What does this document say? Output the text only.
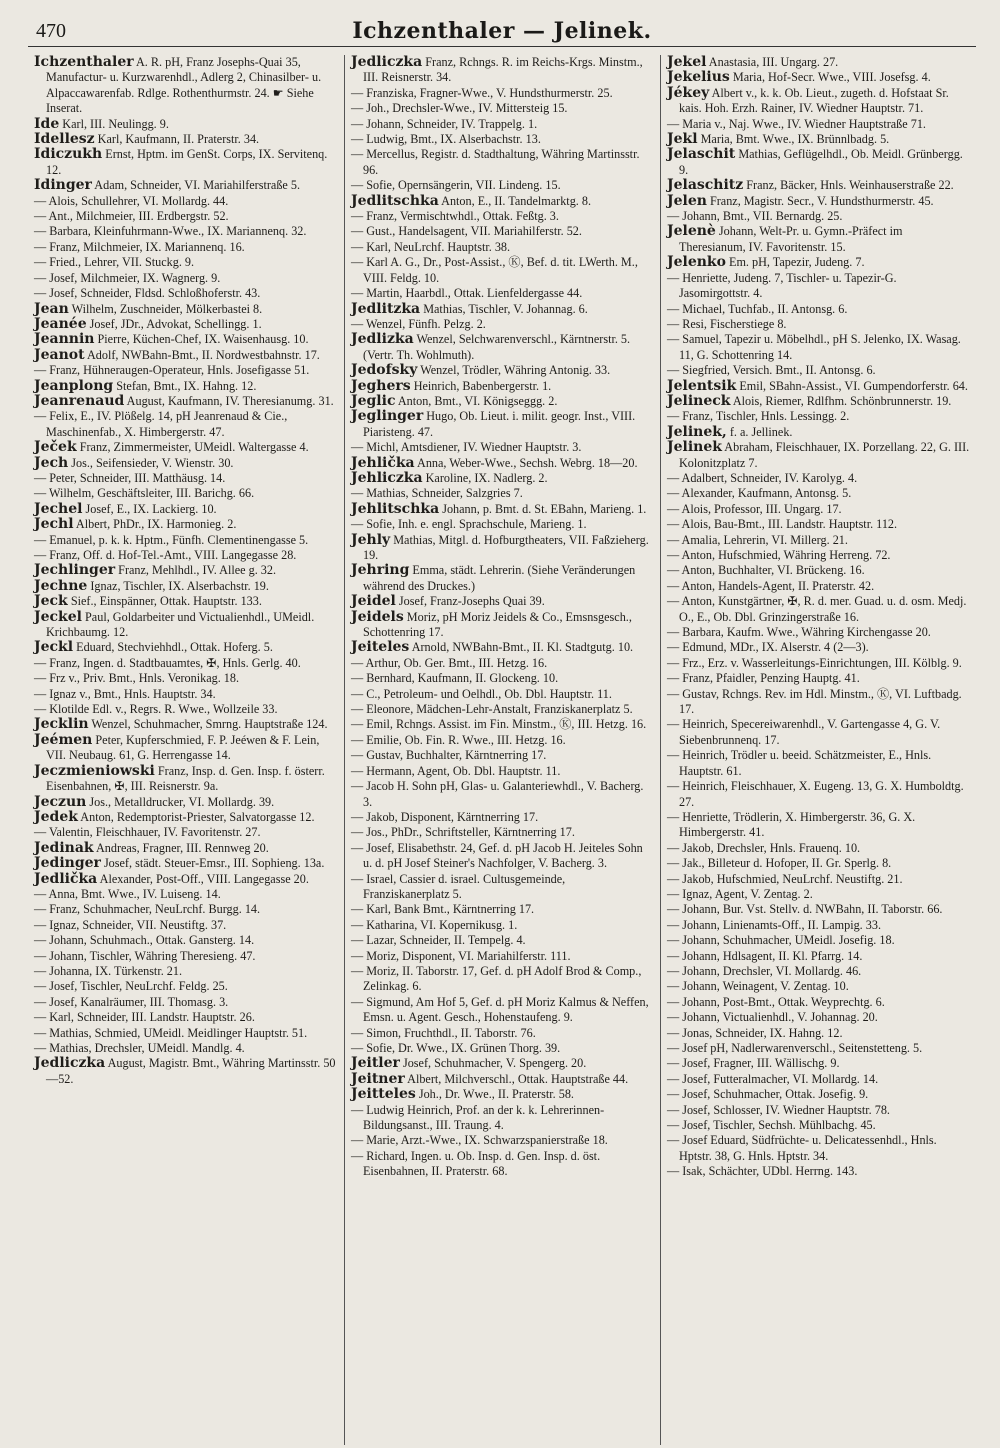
470	Ichzenthaler — Jelinek.

Ichzenthaler A. R. pH, Franz Josephs-Quai 35, Manufactur- u. Kurzwarenhdl., Adlerg 2, Chinasilber- u. Alpaccawarenfab. Rdlge. Rothenthurmstr. 24. ☛ Siehe Inserat.

Ide Karl, III. Neulingg. 9.

Idellesz Karl, Kaufmann, II. Praterstr. 34.

Idiczukh Ernst, Hptm. im GenSt. Corps, IX. Servitenq. 12.

Idinger Adam, Schneider, VI. Mariahilferstraße 5.

— Alois, Schullehrer, VI. Mollardg. 44.

— Ant., Milchmeier, III. Erdbergstr. 52.

— Barbara, Kleinfuhrmann-Wwe., IX. Mariannenq. 32.

— Franz, Milchmeier, IX. Mariannenq. 16.

— Fried., Lehrer, VII. Stuckg. 9.

— Josef, Milchmeier, IX. Wagnerg. 9.

— Josef, Schneider, Fldsd. Schloßhoferstr. 43.

Jean Wilhelm, Zuschneider, Mölkerbastei 8.

Jeanée Josef, JDr., Advokat, Schellingg. 1.

Jeannin Pierre, Küchen-Chef, IX. Waisenhausg. 10.

Jeanot Adolf, NWBahn-Bmt., II. Nordwestbahnstr. 17.

— Franz, Hühneraugen-Operateur, Hnls. Josefigasse 51.

Jeanplong Stefan, Bmt., IX. Hahng. 12.

Jeanrenaud August, Kaufmann, IV. Theresianumg. 31.

— Felix, E., IV. Plößelg. 14, pH Jeanrenaud & Cie., Maschinenfab., X. Himbergerstr. 47.

Ječek Franz, Zimmermeister, UMeidl. Waltergasse 4.

Jech Jos., Seifensieder, V. Wienstr. 30.

— Peter, Schneider, III. Matthäusg. 14.

— Wilhelm, Geschäftsleiter, III. Barichg. 66.

Jechel Josef, E., IX. Lackierg. 10.

Jechl Albert, PhDr., IX. Harmonieg. 2.

— Emanuel, p. k. k. Hptm., Fünfh. Clementinengasse 5.

— Franz, Off. d. Hof-Tel.-Amt., VIII. Langegasse 28.

Jechlinger Franz, Mehlhdl., IV. Allee g. 32.

Jechne Ignaz, Tischler, IX. Alserbachstr. 19.

Jeck Sief., Einspänner, Ottak. Hauptstr. 133.

Jeckel Paul, Goldarbeiter und Victualienhdl., UMeidl. Krichbaumg. 12.

Jeckl Eduard, Stechviehhdl., Ottak. Hoferg. 5.

— Franz, Ingen. d. Stadtbauamtes, ✠, Hnls. Gerlg. 40.

— Frz v., Priv. Bmt., Hnls. Veronikag. 18.

— Ignaz v., Bmt., Hnls. Hauptstr. 34.

— Klotilde Edl. v., Regrs. R. Wwe., Wollzeile 33.

Jecklin Wenzel, Schuhmacher, Smrng. Hauptstraße 124.

Jeémen Peter, Kupferschmied, F. P. Jeéwen & F. Lein, VII. Neubaug. 61, G. Herrengasse 14.

Jeczmieniowski Franz, Insp. d. Gen. Insp. f. österr. Eisenbahnen, ✠, III. Reisnerstr. 9a.

Jeczun Jos., Metalldrucker, VI. Mollardg. 39.

Jedek Anton, Redemptorist-Priester, Salvatorgasse 12.

— Valentin, Fleischhauer, IV. Favoritenstr. 27.

Jedinak Andreas, Fragner, III. Rennweg 20.

Jedinger Josef, städt. Steuer-Emsr., III. Sophieng. 13a.

Jedlička Alexander, Post-Off., VIII. Langegasse 20.

— Anna, Bmt. Wwe., IV. Luiseng. 14.

— Franz, Schuhmacher, NeuLrchf. Burgg. 14.

— Ignaz, Schneider, VII. Neustiftg. 37.

— Johann, Schuhmach., Ottak. Gansterg. 14.

— Johann, Tischler, Währing Theresieng. 47.

— Johanna, IX. Türkenstr. 21.

— Josef, Tischler, NeuLrchf. Feldg. 25.

— Josef, Kanalräumer, III. Thomasg. 3.

— Karl, Schneider, III. Landstr. Hauptstr. 26.

— Mathias, Schmied, UMeidl. Meidlinger Hauptstr. 51.

— Mathias, Drechsler, UMeidl. Mandlg. 4.

Jedliczka August, Magistr. Bmt., Währing Martinsstr. 50—52.

Jedliczka Franz, Rchngs. R. im Reichs-Krgs. Minstm., III. Reisnerstr. 34.

— Franziska, Fragner-Wwe., V. Hundsthurmerstr. 25.

— Joh., Drechsler-Wwe., IV. Mittersteig 15.

— Johann, Schneider, IV. Trappelg. 1.

— Ludwig, Bmt., IX. Alserbachstr. 13.

— Mercellus, Registr. d. Stadthaltung, Währing Martinsstr. 96.

— Sofie, Opernsängerin, VII. Lindeng. 15.

Jedlitschka Anton, E., II. Tandelmarktg. 8.

— Franz, Vermischtwhdl., Ottak. Feßtg. 3.

— Gust., Handelsagent, VII. Mariahilferstr. 52.

— Karl, NeuLrchf. Hauptstr. 38.

— Karl A. G., Dr., Post-Assist., Ⓚ, Bef. d. tit. LWerth. M., VIII. Feldg. 10.

— Martin, Haarbdl., Ottak. Lienfeldergasse 44.

Jedlitzka Mathias, Tischler, V. Johannag. 6.

— Wenzel, Fünfh. Pelzg. 2.

Jedlizka Wenzel, Selchwarenverschl., Kärntnerstr. 5. (Vertr. Th. Wohlmuth).

Jedofsky Wenzel, Trödler, Währing Antonig. 33.

Jeghers Heinrich, Babenbergerstr. 1.

Jeglic Anton, Bmt., VI. Königseggg. 2.

Jeglinger Hugo, Ob. Lieut. i. milit. geogr. Inst., VIII. Piaristeng. 47.

— Michl, Amtsdiener, IV. Wiedner Hauptstr. 3.

Jehlička Anna, Weber-Wwe., Sechsh. Webrg. 18—20.

Jehliczka Karoline, IX. Nadlerg. 2.

— Mathias, Schneider, Salzgries 7.

Jehlitschka Johann, p. Bmt. d. St. EBahn, Marieng. 1.

— Sofie, Inh. e. engl. Sprachschule, Marieng. 1.

Jehly Mathias, Mitgl. d. Hofburgtheaters, VII. Faßzieherg. 19.

Jehring Emma, städt. Lehrerin. (Siehe Veränderungen während des Druckes.)

Jeidel Josef, Franz-Josephs Quai 39.

Jeidels Moriz, pH Moriz Jeidels & Co., Emsnsgesch., Schottenring 17.

Jeiteles Arnold, NWBahn-Bmt., II. Kl. Stadtgutg. 10.

— Arthur, Ob. Ger. Bmt., III. Hetzg. 16.

— Bernhard, Kaufmann, II. Glockeng. 10.

— C., Petroleum- und Oelhdl., Ob. Dbl. Hauptstr. 11.

— Eleonore, Mädchen-Lehr-Anstalt, Franziskanerplatz 5.

— Emil, Rchngs. Assist. im Fin. Minstm., Ⓚ, III. Hetzg. 16.

— Emilie, Ob. Fin. R. Wwe., III. Hetzg. 16.

— Gustav, Buchhalter, Kärntnerring 17.

— Hermann, Agent, Ob. Dbl. Hauptstr. 11.

— Jacob H. Sohn pH, Glas- u. Galanteriewhdl., V. Bacherg. 3.

— Jakob, Disponent, Kärntnerring 17.

— Jos., PhDr., Schriftsteller, Kärntnerring 17.

— Josef, Elisabethstr. 24, Gef. d. pH Jacob H. Jeiteles Sohn u. d. pH Josef Steiner's Nachfolger, V. Bacherg. 3.

— Israel, Cassier d. israel. Cultusgemeinde, Franziskanerplatz 5.

— Karl, Bank Bmt., Kärntnerring 17.

— Katharina, VI. Kopernikusg. 1.

— Lazar, Schneider, II. Tempelg. 4.

— Moriz, Disponent, VI. Mariahilferstr. 111.

— Moriz, II. Taborstr. 17, Gef. d. pH Adolf Brod & Comp., Zelinkag. 6.

— Sigmund, Am Hof 5, Gef. d. pH Moriz Kalmus & Neffen, Emsn. u. Agent. Gesch., Hohenstaufeng. 9.

— Simon, Fruchthdl., II. Taborstr. 76.

— Sofie, Dr. Wwe., IX. Grünen Thorg. 39.

Jeitler Josef, Schuhmacher, V. Spengerg. 20.

Jeitner Albert, Milchverschl., Ottak. Hauptstraße 44.

Jeitteles Joh., Dr. Wwe., II. Praterstr. 58.

— Ludwig Heinrich, Prof. an der k. k. Lehrerinnen-Bildungsanst., III. Traung. 4.

— Marie, Arzt.-Wwe., IX. Schwarzspanierstraße 18.

— Richard, Ingen. u. Ob. Insp. d. Gen. Insp. d. öst. Eisenbahnen, II. Praterstr. 68.

Jekel Anastasia, III. Ungarg. 27.

Jekelius Maria, Hof-Secr. Wwe., VIII. Josefsg. 4.

Jékey Albert v., k. k. Ob. Lieut., zugeth. d. Hofstaat Sr. kais. Hoh. Erzh. Rainer, IV. Wiedner Hauptstr. 71.

— Maria v., Naj. Wwe., IV. Wiedner Hauptstraße 71.

Jekl Maria, Bmt. Wwe., IX. Brünnlbadg. 5.

Jelaschit Mathias, Geflügelhdl., Ob. Meidl. Grünbergg. 9.

Jelaschitz Franz, Bäcker, Hnls. Weinhauserstraße 22.

Jelen Franz, Magistr. Secr., V. Hundsthurmerstr. 45.

— Johann, Bmt., VII. Bernardg. 25.

Jelenè Johann, Welt-Pr. u. Gymn.-Präfect im Theresianum, IV. Favoritenstr. 15.

Jelenko Em. pH, Tapezir, Judeng. 7.

— Henriette, Judeng. 7, Tischler- u. Tapezir-G. Jasomirgottstr. 4.

— Michael, Tuchfab., II. Antonsg. 6.

— Resi, Fischerstiege 8.

— Samuel, Tapezir u. Möbelhdl., pH S. Jelenko, IX. Wasag. 11, G. Schottenring 14.

— Siegfried, Versich. Bmt., II. Antonsg. 6.

Jelentsik Emil, SBahn-Assist., VI. Gumpendorferstr. 64.

Jelineck Alois, Riemer, Rdlfhm. Schönbrunnerstr. 19.

— Franz, Tischler, Hnls. Lessingg. 2.

Jelinek, f. a. Jellinek.

Jelinek Abraham, Fleischhauer, IX. Porzellang. 22, G. III. Kolonitzplatz 7.

— Adalbert, Schneider, IV. Karolyg. 4.

— Alexander, Kaufmann, Antonsg. 5.

— Alois, Professor, III. Ungarg. 17.

— Alois, Bau-Bmt., III. Landstr. Hauptstr. 112.

— Amalia, Lehrerin, VI. Millerg. 21.

— Anton, Hufschmied, Währing Herreng. 72.

— Anton, Buchhalter, VI. Brückeng. 16.

— Anton, Handels-Agent, II. Praterstr. 42.

— Anton, Kunstgärtner, ✠, R. d. mer. Guad. u. d. osm. Medj. O., E., Ob. Dbl. Grinzingerstraße 16.

— Barbara, Kaufm. Wwe., Währing Kirchengasse 20.

— Edmund, MDr., IX. Alserstr. 4 (2—3).

— Frz., Erz. v. Wasserleitungs-Einrichtungen, III. Kölblg. 9.

— Franz, Pfaidler, Penzing Hauptg. 41.

— Gustav, Rchngs. Rev. im Hdl. Minstm., Ⓚ, VI. Luftbadg. 17.

— Heinrich, Specereiwarenhdl., V. Gartengasse 4, G. V. Siebenbrunnenq. 17.

— Heinrich, Trödler u. beeid. Schätzmeister, E., Hnls. Hauptstr. 61.

— Heinrich, Fleischhauer, X. Eugeng. 13, G. X. Humboldtg. 27.

— Henriette, Trödlerin, X. Himbergerstr. 36, G. X. Himbergerstr. 41.

— Jakob, Drechsler, Hnls. Frauenq. 10.

— Jak., Billeteur d. Hofoper, II. Gr. Sperlg. 8.

— Jakob, Hufschmied, NeuLrchf. Neustiftg. 21.

— Ignaz, Agent, V. Zentag. 2.

— Johann, Bur. Vst. Stellv. d. NWBahn, II. Taborstr. 66.

— Johann, Linienamts-Off., II. Lampig. 33.

— Johann, Schuhmacher, UMeidl. Josefig. 18.

— Johann, Hdlsagent, II. Kl. Pfarrg. 14.

— Johann, Drechsler, VI. Mollardg. 46.

— Johann, Weinagent, V. Zentag. 10.

— Johann, Post-Bmt., Ottak. Weyprechtg. 6.

— Johann, Victualienhdl., V. Johannag. 20.

— Jonas, Schneider, IX. Hahng. 12.

— Josef pH, Nadlerwarenverschl., Seitenstetteng. 5.

— Josef, Fragner, III. Wällischg. 9.

— Josef, Futteralmacher, VI. Mollardg. 14.

— Josef, Schuhmacher, Ottak. Josefig. 9.

— Josef, Schlosser, IV. Wiedner Hauptstr. 78.

— Josef, Tischler, Sechsh. Mühlbachg. 45.

— Josef Eduard, Südfrüchte- u. Delicatessenhdl., Hnls. Hptstr. 38, G. Hnls. Hptstr. 34.

— Isak, Schächter, UDbl. Herrng. 143.
